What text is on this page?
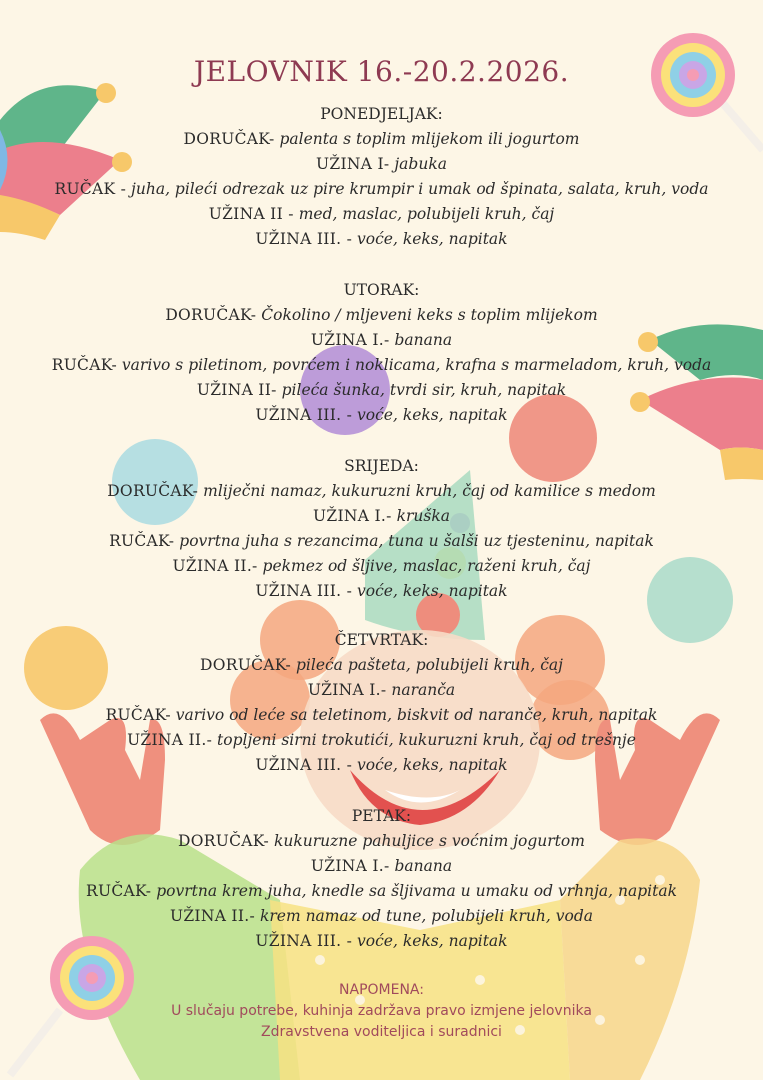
JELOVNIK 16.-20.2.2026.
PONEDJELJAK:
DORUČAK- palenta s toplim mlijekom ili jogurtom
UŽINA I- jabuka
RUČAK - juha, pileći odrezak uz pire krumpir i umak od špinata, salata, kruh, voda
UŽINA II - med, maslac, polubijeli kruh, čaj
UŽINA III. - voće, keks, napitak
UTORAK:
DORUČAK- Čokolino / mljeveni keks s toplim mlijekom
UŽINA I.- banana
RUČAK- varivo s piletinom, povrćem i noklicama, krafna s marmeladom, kruh, voda
UŽINA II- pileća šunka, tvrdi sir, kruh, napitak
UŽINA III. - voće, keks, napitak
SRIJEDA:
DORUČAK- mliječni namaz, kukuruzni kruh, čaj od kamilice s medom
UŽINA I.- kruška
RUČAK- povrtna juha s rezancima, tuna u šalši uz tjesteninu, napitak
UŽINA II.- pekmez od šljive, maslac, raženi kruh, čaj
UŽINA III. - voće, keks, napitak
ČETVRTAK:
DORUČAK- pileća pašteta, polubijeli kruh, čaj
UŽINA I.- naranča
RUČAK- varivo od leće sa teletinom, biskvit od naranče, kruh, napitak
UŽINA II.- topljeni sirni trokutići, kukuruzni kruh, čaj od trešnje
UŽINA III. - voće, keks, napitak
PETAK:
DORUČAK- kukuruzne pahuljice s voćnim jogurtom
UŽINA I.- banana
RUČAK- povrtna krem juha, knedle sa šljivama u umaku od vrhnja, napitak
UŽINA II.- krem namaz od tune, polubijeli kruh, voda
UŽINA III. - voće, keks, napitak
NAPOMENA:
U slučaju potrebe, kuhinja zadržava pravo izmjene jelovnika
Zdravstvena voditeljica i suradnici
